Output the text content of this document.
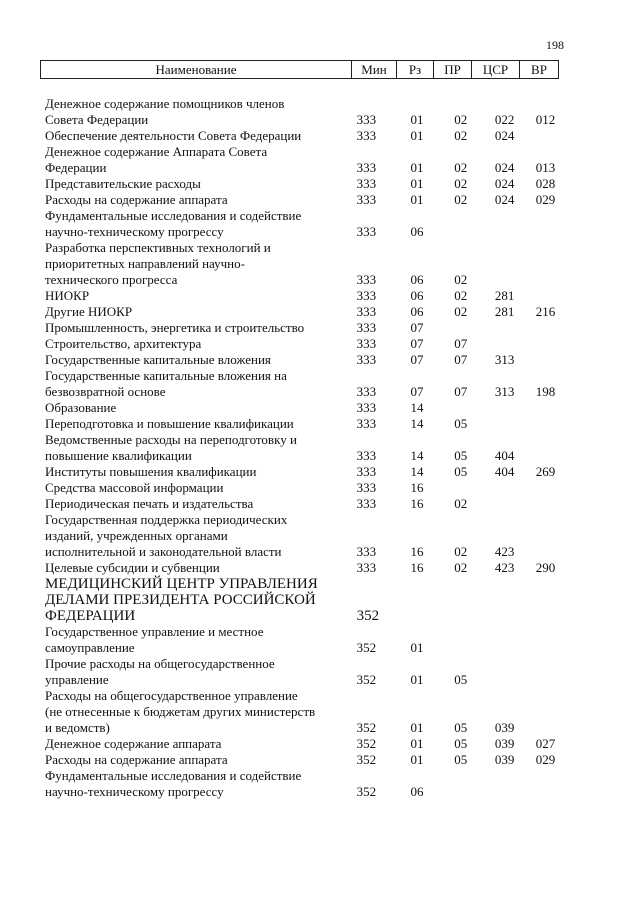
198
Наименование	Мин	Рз	ПР	ЦСР	ВР
Денежное содержание помощников членов
Совета Федерации	333	01	02	022	012
Обеспечение деятельности Совета Федерации	333	01	02	024
Денежное содержание Аппарата Совета
Федерации	333	01	02	024	013
Представительские расходы	333	01	02	024	028
Расходы на содержание аппарата	333	01	02	024	029
Фундаментальные исследования и содействие
научно-техническому прогрессу	333	06
Разработка перспективных технологий и
приоритетных направлений научно-
технического прогресса	333	06	02
НИОКР	333	06	02	281
Другие НИОКР	333	06	02	281	216
Промышленность, энергетика и строительство	333	07
Строительство, архитектура	333	07	07
Государственные капитальные вложения	333	07	07	313
Государственные капитальные вложения на
безвозвратной основе	333	07	07	313	198
Образование	333	14
Переподготовка и повышение квалификации	333	14	05
Ведомственные расходы на переподготовку и
повышение квалификации	333	14	05	404
Институты повышения квалификации	333	14	05	404	269
Средства массовой информации	333	16
Периодическая печать и издательства	333	16	02
Государственная поддержка периодических
изданий, учрежденных органами
исполнительной и законодательной власти	333	16	02	423
Целевые субсидии и субвенции	333	16	02	423	290
МЕДИЦИНСКИЙ ЦЕНТР УПРАВЛЕНИЯ
ДЕЛАМИ ПРЕЗИДЕНТА РОССИЙСКОЙ
ФЕДЕРАЦИИ	352
Государственное управление и местное
самоуправление	352	01
Прочие расходы на общегосударственное
управление	352	01	05
Расходы на общегосударственное управление
(не отнесенные к бюджетам других министерств
и ведомств)	352	01	05	039
Денежное содержание аппарата	352	01	05	039	027
Расходы на содержание аппарата	352	01	05	039	029
Фундаментальные исследования и содействие
научно-техническому прогрессу	352	06
